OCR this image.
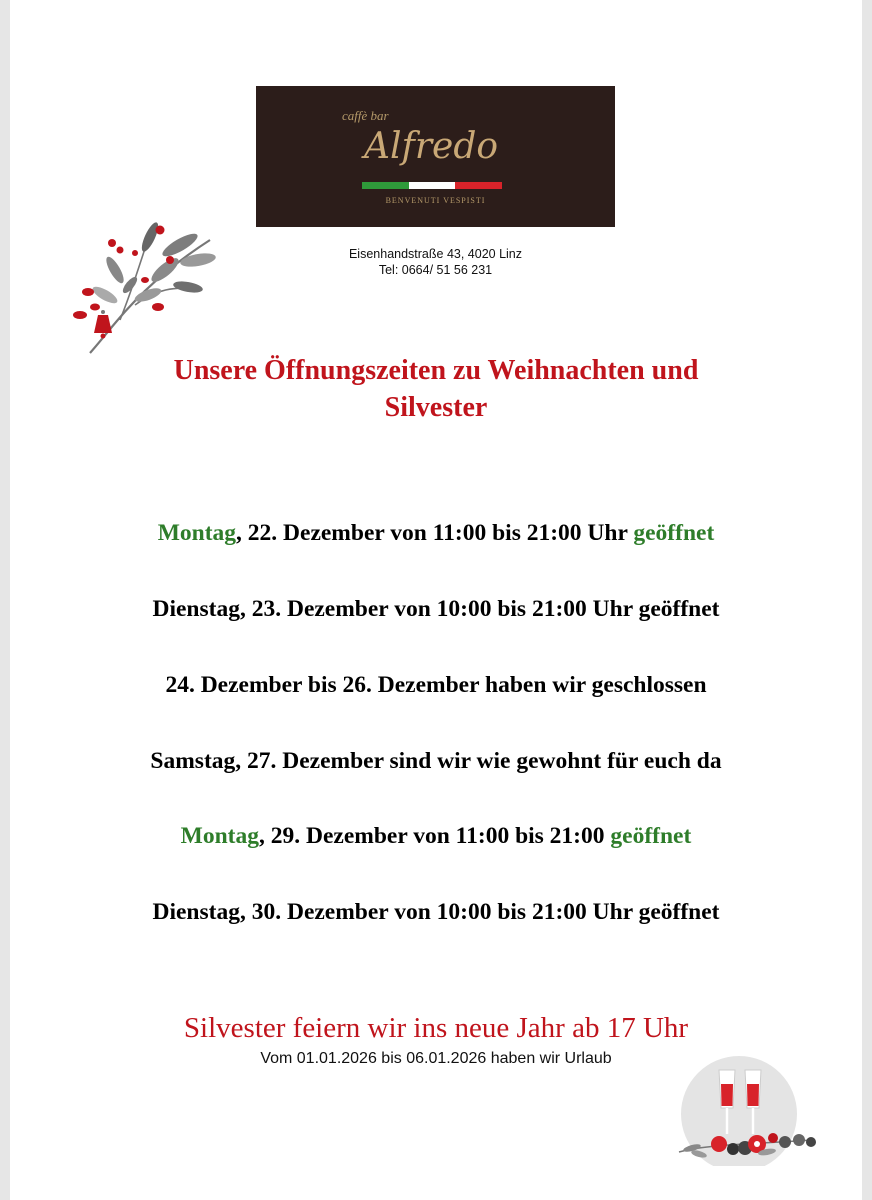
caffè bar
Alfredo
BENVENUTI VESPISTI
Eisenhandstraße 43, 4020 Linz
Tel: 0664/ 51 56 231
Unsere Öffnungszeiten zu Weihnachten und
Silvester
Montag, 22. Dezember von 11:00 bis 21:00 Uhr geöffnet
Dienstag, 23. Dezember von 10:00 bis 21:00 Uhr geöffnet
24. Dezember bis 26. Dezember haben wir geschlossen
Samstag, 27. Dezember sind wir wie gewohnt für euch da
Montag, 29. Dezember von 11:00 bis 21:00 geöffnet
Dienstag, 30. Dezember von 10:00 bis 21:00 Uhr geöffnet
Silvester feiern wir ins neue Jahr ab 17 Uhr
Vom 01.01.2026 bis 06.01.2026 haben wir Urlaub
